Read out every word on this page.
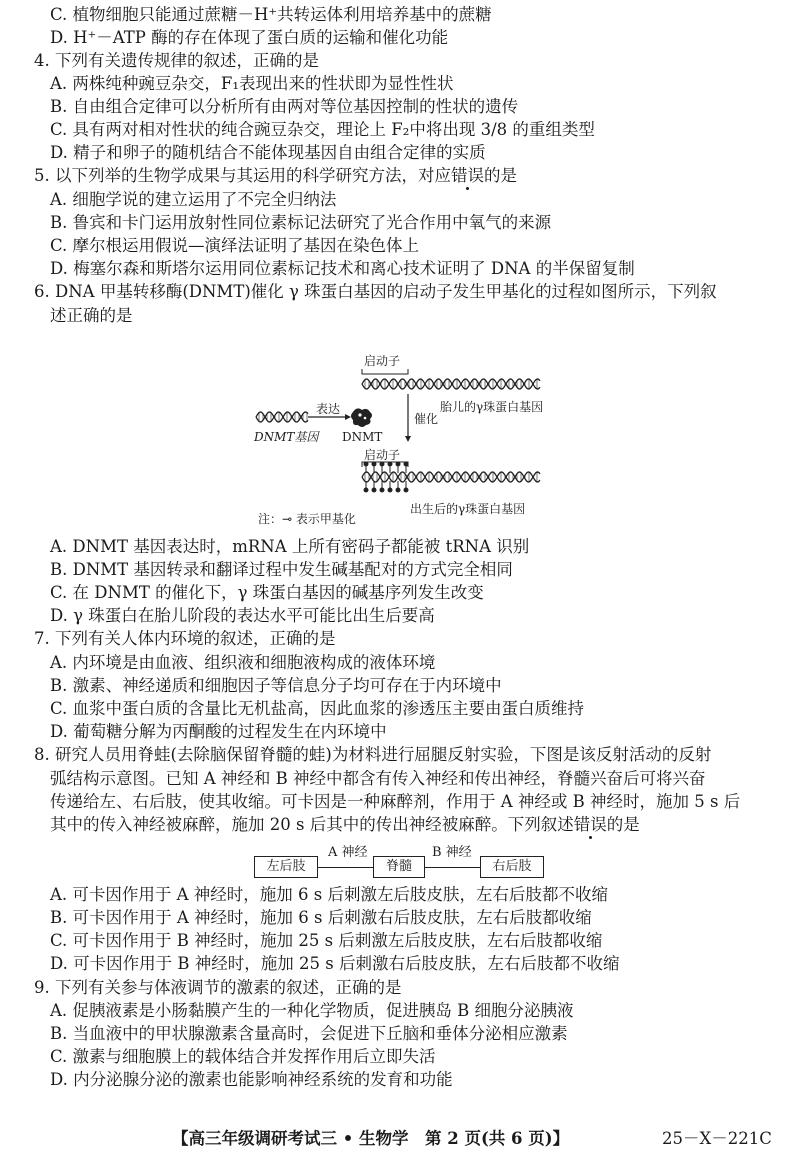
C. 植物细胞只能通过蔗糖－H⁺共转运体利用培养基中的蔗糖
D. H⁺－ATP 酶的存在体现了蛋白质的运输和催化功能
4. 下列有关遗传规律的叙述，正确的是
A. 两株纯种豌豆杂交，F₁表现出来的性状即为显性性状
B. 自由组合定律可以分析所有由两对等位基因控制的性状的遗传
C. 具有两对相对性状的纯合豌豆杂交，理论上 F₂中将出现 3/8 的重组类型
D. 精子和卵子的随机结合不能体现基因自由组合定律的实质
5. 以下列举的生物学成果与其运用的科学研究方法，对应错误的是
A. 细胞学说的建立运用了不完全归纳法
B. 鲁宾和卡门运用放射性同位素标记法研究了光合作用中氧气的来源
C. 摩尔根运用假说—演绎法证明了基因在染色体上
D. 梅塞尔森和斯塔尔运用同位素标记技术和离心技术证明了 DNA 的半保留复制
6. DNA 甲基转移酶(DNMT)催化 γ 珠蛋白基因的启动子发生甲基化的过程如图所示，下列叙
述正确的是
启动子
胎儿的γ珠蛋白基因
表达
DNMT基因 DNMT
催化
启动子
出生后的γ珠蛋白基因
注：⊸ 表示甲基化
A. DNMT 基因表达时，mRNA 上所有密码子都能被 tRNA 识别
B. DNMT 基因转录和翻译过程中发生碱基配对的方式完全相同
C. 在 DNMT 的催化下，γ 珠蛋白基因的碱基序列发生改变
D. γ 珠蛋白在胎儿阶段的表达水平可能比出生后要高
7. 下列有关人体内环境的叙述，正确的是
A. 内环境是由血液、组织液和细胞液构成的液体环境
B. 激素、神经递质和细胞因子等信息分子均可存在于内环境中
C. 血浆中蛋白质的含量比无机盐高，因此血浆的渗透压主要由蛋白质维持
D. 葡萄糖分解为丙酮酸的过程发生在内环境中
8. 研究人员用脊蛙(去除脑保留脊髓的蛙)为材料进行屈腿反射实验，下图是该反射活动的反射
弧结构示意图。已知 A 神经和 B 神经中都含有传入神经和传出神经，脊髓兴奋后可将兴奋
传递给左、右后肢，使其收缩。可卡因是一种麻醉剂，作用于 A 神经或 B 神经时，施加 5 s 后
其中的传入神经被麻醉，施加 20 s 后其中的传出神经被麻醉。下列叙述错误的是
左后肢
A 神经
脊髓
B 神经
右后肢
A. 可卡因作用于 A 神经时，施加 6 s 后刺激左后肢皮肤，左右后肢都不收缩
B. 可卡因作用于 A 神经时，施加 6 s 后刺激右后肢皮肤，左右后肢都收缩
C. 可卡因作用于 B 神经时，施加 25 s 后刺激左后肢皮肤，左右后肢都收缩
D. 可卡因作用于 B 神经时，施加 25 s 后刺激右后肢皮肤，左右后肢都不收缩
9. 下列有关参与体液调节的激素的叙述，正确的是
A. 促胰液素是小肠黏膜产生的一种化学物质，促进胰岛 B 细胞分泌胰液
B. 当血液中的甲状腺激素含量高时，会促进下丘脑和垂体分泌相应激素
C. 激素与细胞膜上的载体结合并发挥作用后立即失活
D. 内分泌腺分泌的激素也能影响神经系统的发育和功能
【高三年级调研考试三 • 生物学　第 2 页(共 6 页)】	25－X－221C
